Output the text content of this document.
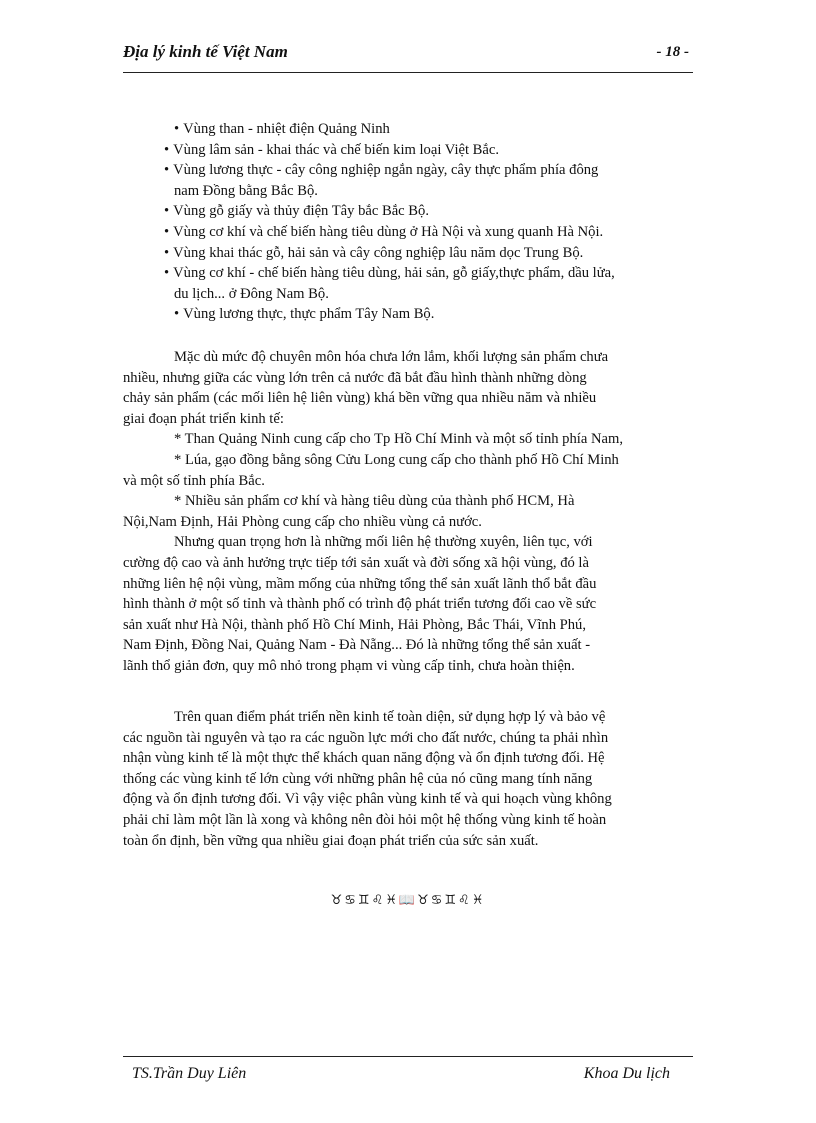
Địa lý kinh tế Việt Nam	- 18 -
• Vùng than - nhiệt điện Quảng Ninh
• Vùng lâm sản - khai thác và chế biến kim loại Việt Bắc.
• Vùng lương thực - cây công nghiệp ngắn ngày, cây thực phẩm phía đông
nam Đồng bằng Bắc Bộ.
• Vùng gỗ giấy và thủy điện Tây bắc Bắc Bộ.
• Vùng cơ khí và chế biến hàng tiêu dùng ở Hà Nội và xung quanh Hà Nội.
• Vùng khai thác gỗ, hải sản và cây công nghiệp lâu năm dọc Trung Bộ.
• Vùng cơ khí - chế biến hàng tiêu dùng, hải sản, gỗ giấy,thực phẩm, dầu lửa,
du lịch... ở Đông Nam Bộ.
• Vùng lương thực, thực phẩm Tây Nam Bộ.

Mặc dù mức độ chuyên môn hóa chưa lớn lắm, khối lượng sản phẩm chưa
nhiều, nhưng giữa các vùng lớn trên cả nước đã bắt đầu hình thành những dòng
chảy sản phẩm (các mối liên hệ liên vùng) khá bền vững qua nhiều năm và nhiều
giai đoạn phát triển kinh tế:
* Than Quảng Ninh cung cấp cho Tp Hồ Chí Minh và một số tỉnh phía Nam,
* Lúa, gạo đồng bằng sông Cửu Long cung cấp cho thành phố Hồ Chí Minh
và một số tỉnh phía Bắc.
* Nhiều sản phẩm cơ khí và hàng tiêu dùng của thành phố HCM, Hà
Nội,Nam Định, Hải Phòng cung cấp cho nhiều vùng cả nước.
Nhưng quan trọng hơn là những mối liên hệ thường xuyên, liên tục, với
cường độ cao và ảnh hưởng trực tiếp tới sản xuất và đời sống xã hội vùng, đó là
những liên hệ nội vùng, mầm mống của những tổng thể sản xuất lãnh thổ bắt đầu
hình thành ở một số tỉnh và thành phố có trình độ phát triển tương đối cao về sức
sản xuất như Hà Nội, thành phố Hồ Chí Minh, Hải Phòng, Bắc Thái, Vĩnh Phú,
Nam Định, Đồng Nai, Quảng Nam - Đà Nẵng... Đó là những tổng thể sản xuất -
lãnh thổ giản đơn, quy mô nhỏ trong phạm vi vùng cấp tỉnh, chưa hoàn thiện.

Trên quan điểm phát triển nền kinh tế toàn diện, sử dụng hợp lý và bảo vệ
các nguồn tài nguyên và tạo ra các nguồn lực mới cho đất nước, chúng ta phải nhìn
nhận vùng kinh tế là một thực thể khách quan năng động và ổn định tương đối. Hệ
thống các vùng kinh tế lớn cùng với những phân hệ của nó cũng mang tính năng
động và ổn định tương đối. Vì vậy việc phân vùng kinh tế và qui hoạch vùng không
phải chỉ làm một lần là xong và không nên đòi hỏi một hệ thống vùng kinh tế hoàn
toàn ổn định, bền vững qua nhiều giai đoạn phát triển của sức sản xuất.

♉♋♊♌♓📖♉♋♊♌♓
TS.Trần Duy Liên	Khoa Du lịch
